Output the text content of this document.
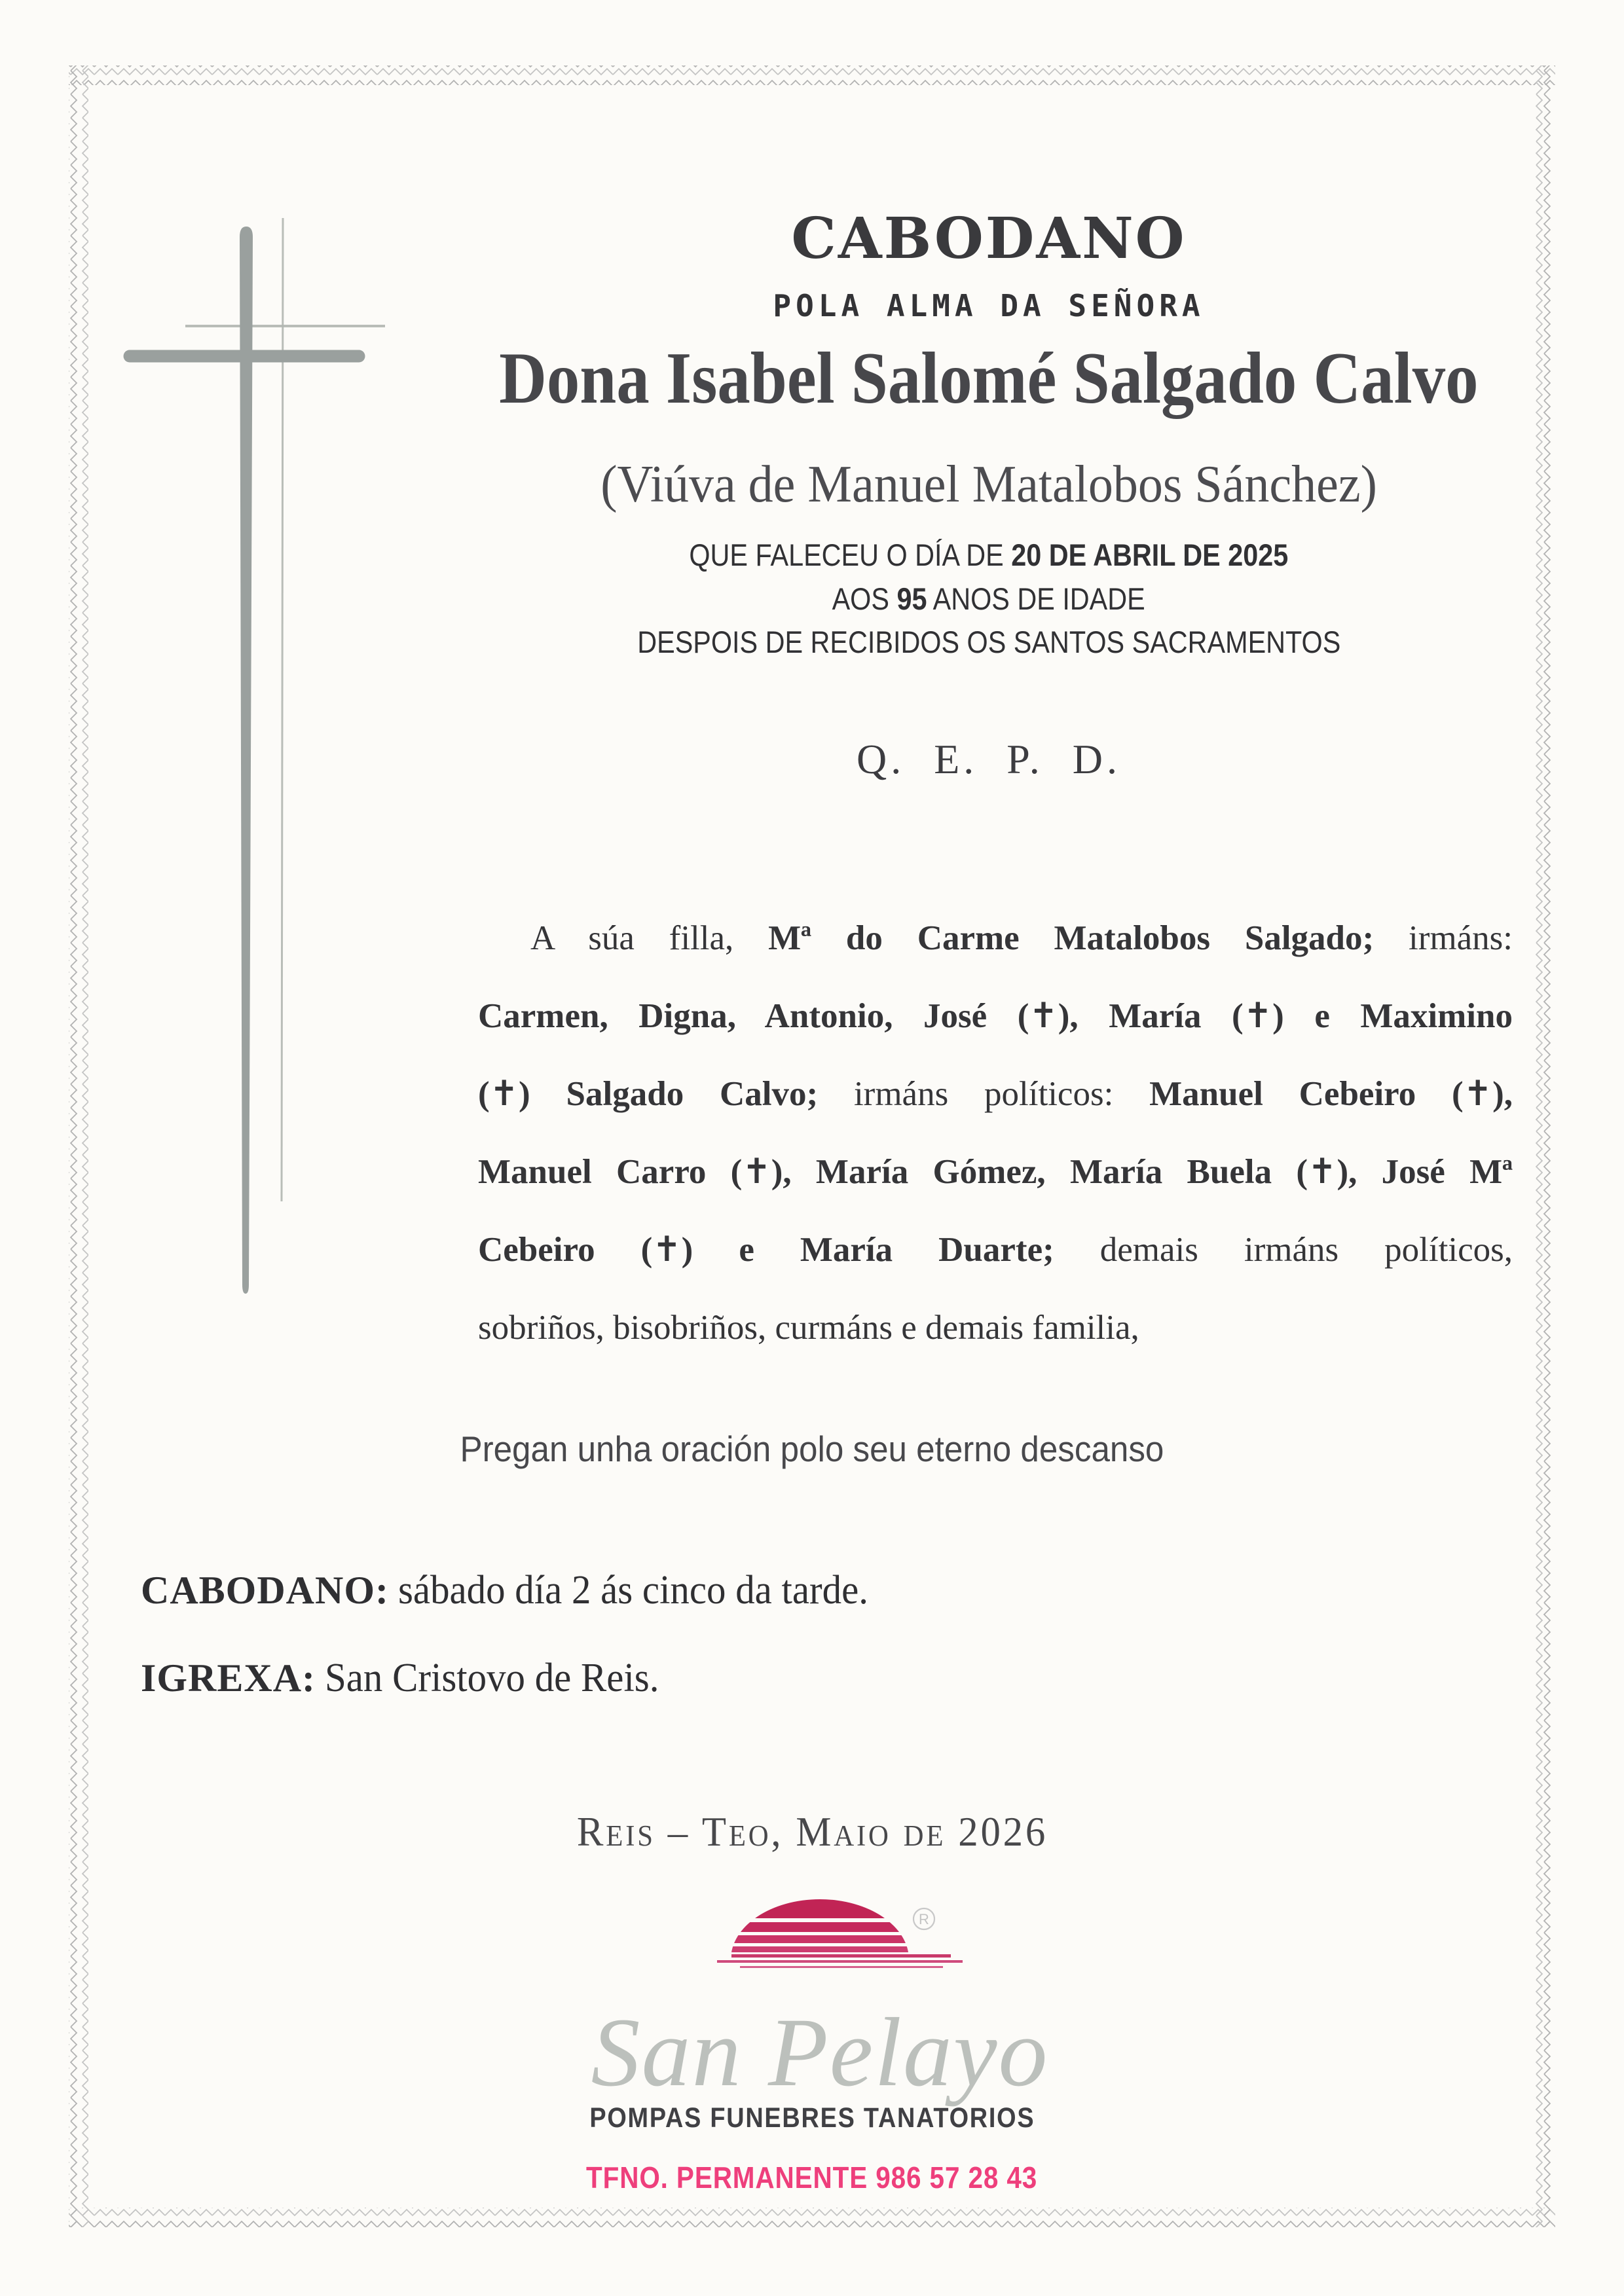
CABODANO
POLA ALMA DA SEÑORA
Dona Isabel Salomé Salgado Calvo
(Viúva de Manuel Matalobos Sánchez)
QUE FALECEU O DÍA DE 20 DE ABRIL DE 2025
AOS 95 ANOS DE IDADE
DESPOIS DE RECIBIDOS OS SANTOS SACRAMENTOS
Q. E. P. D.
A súa filla, Mª do Carme Matalobos Salgado; irmáns:
Carmen, Digna, Antonio, José (✝), María (✝) e Maximino
(✝) Salgado Calvo; irmáns políticos: Manuel Cebeiro (✝),
Manuel Carro (✝), María Gómez, María Buela (✝), José Mª
Cebeiro (✝) e María Duarte; demais irmáns políticos,
sobriños, bisobriños, curmáns e demais familia,
Pregan unha oración polo seu eterno descanso
CABODANO: sábado día 2 ás cinco da tarde.
IGREXA: San Cristovo de Reis.
Reis – Teo, Maio de 2026
R
San Pelayo
POMPAS FUNEBRES TANATORIOS
TFNO. PERMANENTE 986 57 28 43
